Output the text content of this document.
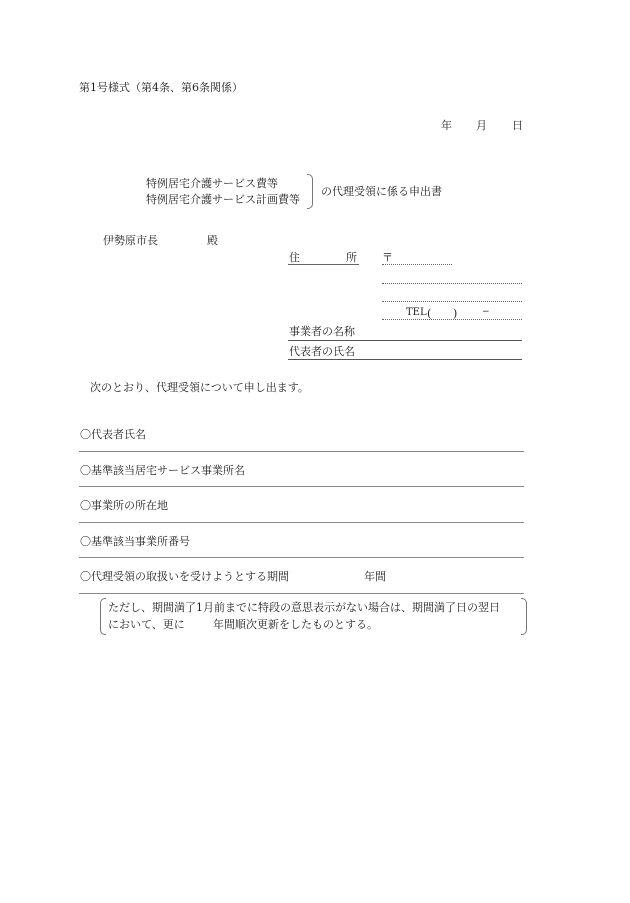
第1号様式（第4条、第6条関係）
年 月 日
特例居宅介護サービス費等
特例居宅介護サービス計画費等
の代理受領に係る申出書
伊勢原市長	殿
住	所 〒
TEL ( )	−
事業者の名称
代表者の氏名
次のとおり、代理受領について申し出ます。
〇代表者氏名
〇基準該当居宅サービス事業所名
〇事業所の所在地
〇基準該当事業所番号
〇代理受領の取扱いを受けようとする期間	年間
ただし、期間満了1月前までに特段の意思表示がない場合は、期間満了日の翌日
において、更に	年間順次更新をしたものとする。
